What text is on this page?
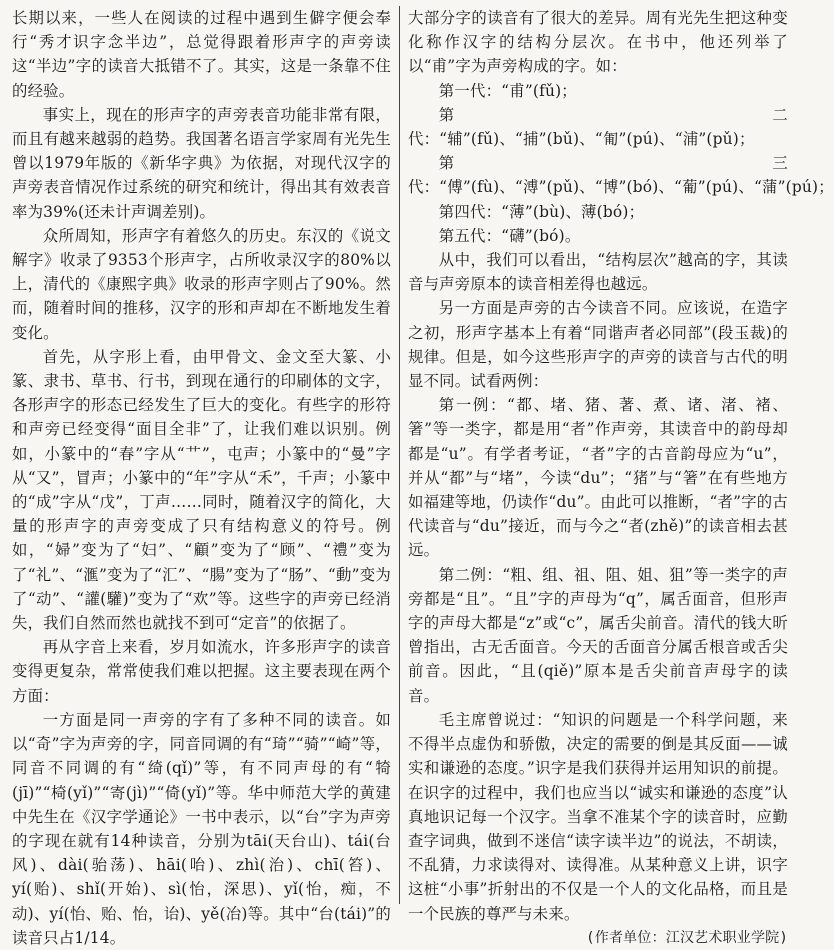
长期以来，一些人在阅读的过程中遇到生僻字便会奉行“秀才识字念半边”，总觉得跟着形声字的声旁读这“半边”字的读音大抵错不了。其实，这是一条靠不住的经验。

事实上，现在的形声字的声旁表音功能非常有限，而且有越来越弱的趋势。我国著名语言学家周有光先生曾以1979年版的《新华字典》为依据，对现代汉字的声旁表音情况作过系统的研究和统计，得出其有效表音率为39%(还未计声调差别)。

众所周知，形声字有着悠久的历史。东汉的《说文解字》收录了9353个形声字，占所收录汉字的80%以上，清代的《康熙字典》收录的形声字则占了90%。然而，随着时间的推移，汉字的形和声却在不断地发生着变化。

首先，从字形上看，由甲骨文、金文至大篆、小篆、隶书、草书、行书，到现在通行的印刷体的文字，各形声字的形态已经发生了巨大的变化。有些字的形符和声旁已经变得“面目全非”了，让我们难以识别。例如，小篆中的“春”字从“艹”，屯声；小篆中的“曼”字从“又”，冒声；小篆中的“年”字从“禾”，千声；小篆中的“成”字从“戊”，丁声……同时，随着汉字的简化，大量的形声字的声旁变成了只有结构意义的符号。例如，“婦”变为了“妇”、“顧”变为了“顾”、“禮”变为了“礼”、“滙”变为了“汇”、“腸”变为了“肠”、“動”变为了“动”、“讙(驩)”变为了“欢”等。这些字的声旁已经消失，我们自然而然也就找不到可“定音”的依据了。

再从字音上来看，岁月如流水，许多形声字的读音变得更复杂，常常使我们难以把握。这主要表现在两个方面：

一方面是同一声旁的字有了多种不同的读音。如以“奇”字为声旁的字，同音同调的有“琦”“骑”“崎”等，同音不同调的有“绮(qǐ)”等，有不同声母的有“犄(jī)”“椅(yǐ)”“寄(jì)”“倚(yǐ)”等。华中师范大学的黄建中先生在《汉字学通论》一书中表示，以“台”字为声旁的字现在就有14种读音，分别为tāi(天台山)、tái(台风)、dài(骀荡)、hāi(咍)、zhì(治)、chī(笞)、yí(贻)、shǐ(开始)、sì(怡，深思)、yǐ(怡，痴，不动)、yí(怡、贻、怡，诒)、yě(冶)等。其中“台(tái)”的读音只占1/14。

大部分字的读音有了很大的差异。周有光先生把这种变化称作汉字的结构分层次。在书中，他还列举了以“甫”字为声旁构成的字。如：

第一代：“甫”(fǔ)；

第二代：“辅”(fǔ)、“捕”(bǔ)、“匍”(pú)、“浦”(pǔ)；

第三代：“傅”(fù)、“溥”(pǔ)、“博”(bó)、“葡”(pú)、“蒲”(pú)；

第四代：“薄”(bù)、薄(bó)；

第五代：“礴”(bó)。

从中，我们可以看出，“结构层次”越高的字，其读音与声旁原本的读音相差得也越远。

另一方面是声旁的古今读音不同。应该说，在造字之初，形声字基本上有着“同谐声者必同部”(段玉裁)的规律。但是，如今这些形声字的声旁的读音与古代的明显不同。试看两例：

第一例：“都、堵、猪、著、煮、诸、渚、褚、箸”等一类字，都是用“者”作声旁，其读音中的韵母却都是“u”。有学者考证，“者”字的古音韵母应为“u”，并从“都”与“堵”，今读“du”；“猪”与“箸”在有些地方如福建等地，仍读作“du”。由此可以推断，“者”字的古代读音与“du”接近，而与今之“者(zhě)”的读音相去甚远。

第二例：“粗、组、祖、阻、姐、狙”等一类字的声旁都是“且”。“且”字的声母为“q”，属舌面音，但形声字的声母大都是“z”或“c”，属舌尖前音。清代的钱大昕曾指出，古无舌面音。今天的舌面音分属舌根音或舌尖前音。因此，“且(qiě)”原本是舌尖前音声母字的读音。

毛主席曾说过：“知识的问题是一个科学问题，来不得半点虚伪和骄傲，决定的需要的倒是其反面——诚实和谦逊的态度。”识字是我们获得并运用知识的前提。在识字的过程中，我们也应当以“诚实和谦逊的态度”认真地识记每一个汉字。当拿不准某个字的读音时，应勤查字词典，做到不迷信“读字读半边”的说法，不胡读，不乱猜，力求读得对、读得准。从某种意义上讲，识字这桩“小事”折射出的不仅是一个人的文化品格，而且是一个民族的尊严与未来。

(作者单位：江汉艺术职业学院)
